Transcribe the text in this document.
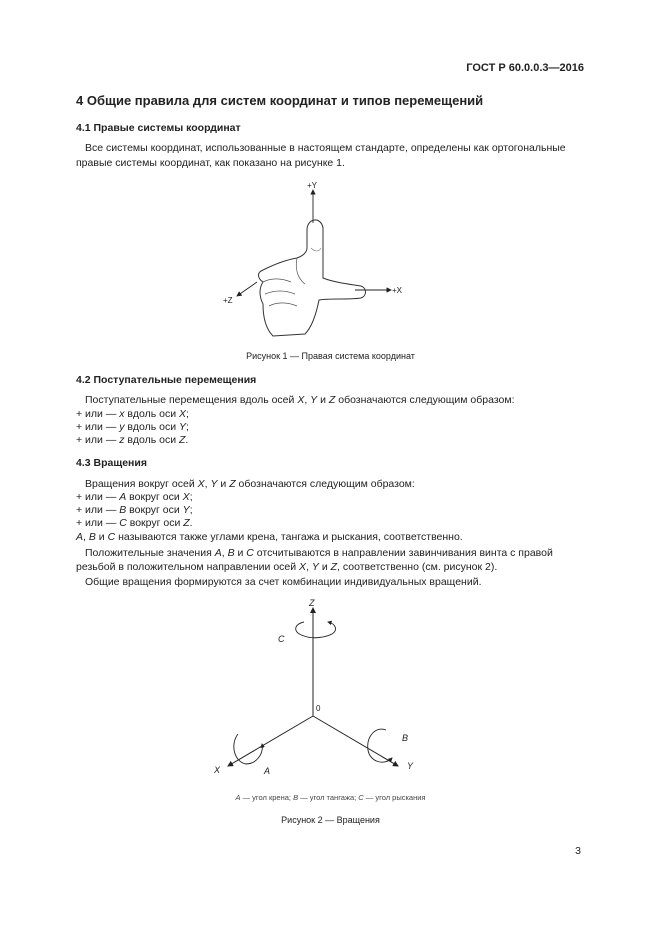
ГОСТ Р 60.0.0.3—2016
4 Общие правила для систем координат и типов перемещений
4.1 Правые системы координат
Все системы координат, использованные в настоящем стандарте, определены как ортогональные
правые системы координат, как показано на рисунке 1.
+Y
+X
+Z
Рисунок 1 — Правая система координат
4.2 Поступательные перемещения
Поступательные перемещения вдоль осей X, Y и Z обозначаются следующим образом:
+ или — x вдоль оси X;
+ или — y вдоль оси Y;
+ или — z вдоль оси Z.
4.3 Вращения
Вращения вокруг осей X, Y и Z обозначаются следующим образом:
+ или — A вокруг оси X;
+ или — B вокруг оси Y;
+ или — C вокруг оси Z.
A, B и C называются также углами крена, тангажа и рыскания, соответственно.
Положительные значения A, B и C отсчитываются в направлении завинчивания винта с правой
резьбой в положительном направлении осей X, Y и Z, соответственно (см. рисунок 2).
Общие вращения формируются за счет комбинации индивидуальных вращений.
Z
C
0
B
X	A	Y
A — угол крена; B — угол тангажа; C — угол рыскания
Рисунок 2 — Вращения
3
